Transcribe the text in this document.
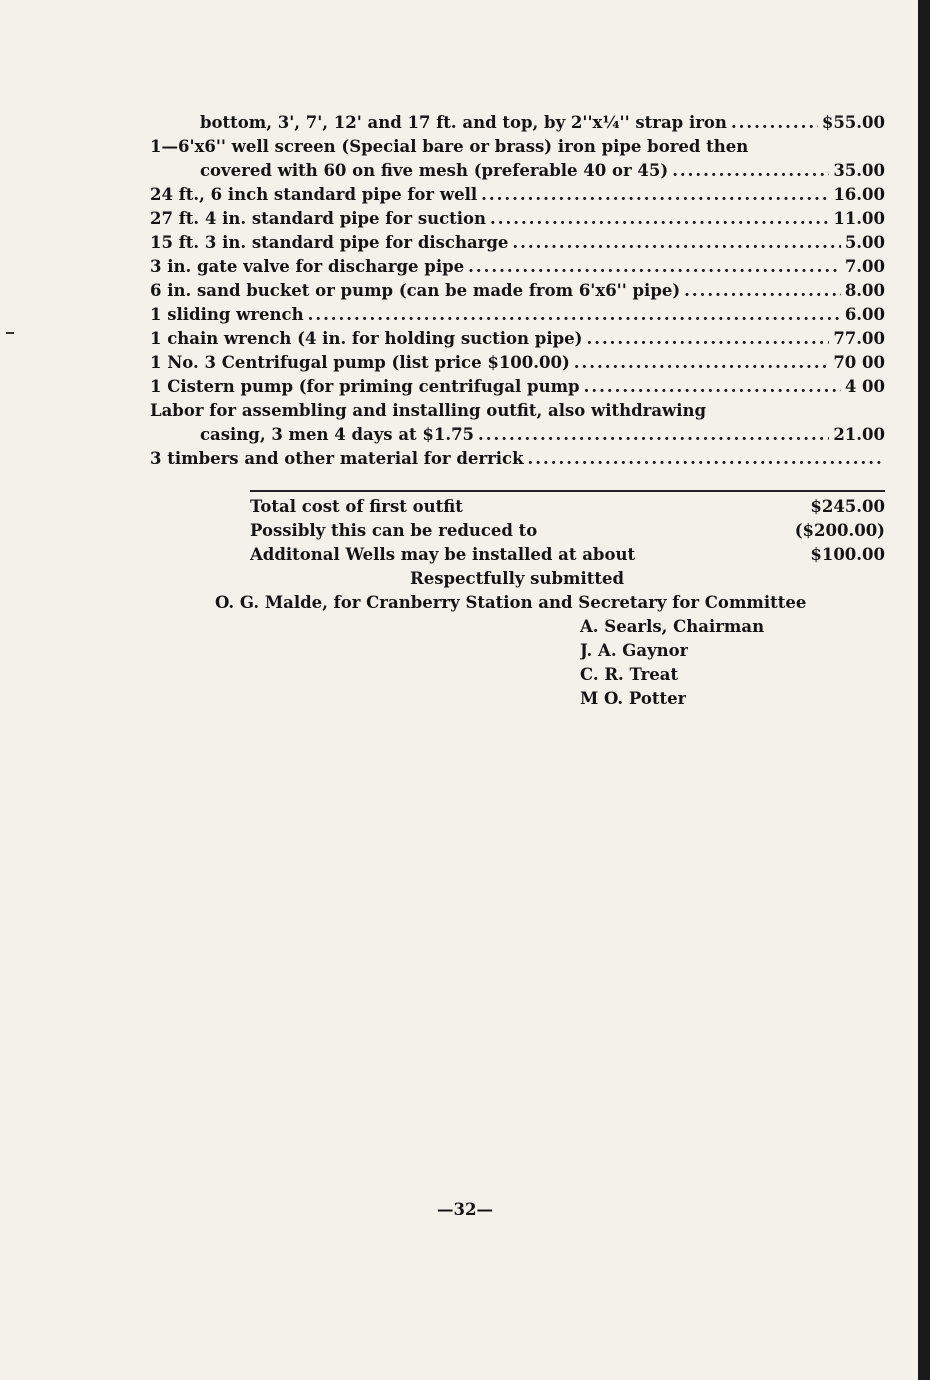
bottom, 3', 7', 12' and 17 ft. and top, by 2''x¼'' strap iron .....	$55.00
1—6'x6'' well screen (Special bare or brass) iron pipe bored then
covered with 60 on five mesh (preferable 40 or 45) .....	35.00
24 ft., 6 inch standard pipe for well .....	16.00
27 ft. 4 in. standard pipe for suction .....	11.00
15 ft. 3 in. standard pipe for discharge .....	5.00
3 in. gate valve for discharge pipe .....	7.00
6 in. sand bucket or pump (can be made from 6'x6'' pipe) .....	8.00
1 sliding wrench .....	6.00
1 chain wrench (4 in. for holding suction pipe) .....	77.00
1 No. 3 Centrifugal pump (list price $100.00) .....	70 00
1 Cistern pump (for priming centrifugal pump .....	4 00
Labor for assembling and installing outfit, also withdrawing
casing, 3 men 4 days at $1.75 .....	21.00
3 timbers and other material for derrick
.....
Total cost of first outfit	$245.00
Possibly this can be reduced to	($200.00)
Additonal Wells may be installed at about	$100.00
Respectfully submitted
O. G. Malde, for Cranberry Station and Secretary for Committee
A. Searls, Chairman
J. A. Gaynor
C. R. Treat
M O. Potter
—32—
